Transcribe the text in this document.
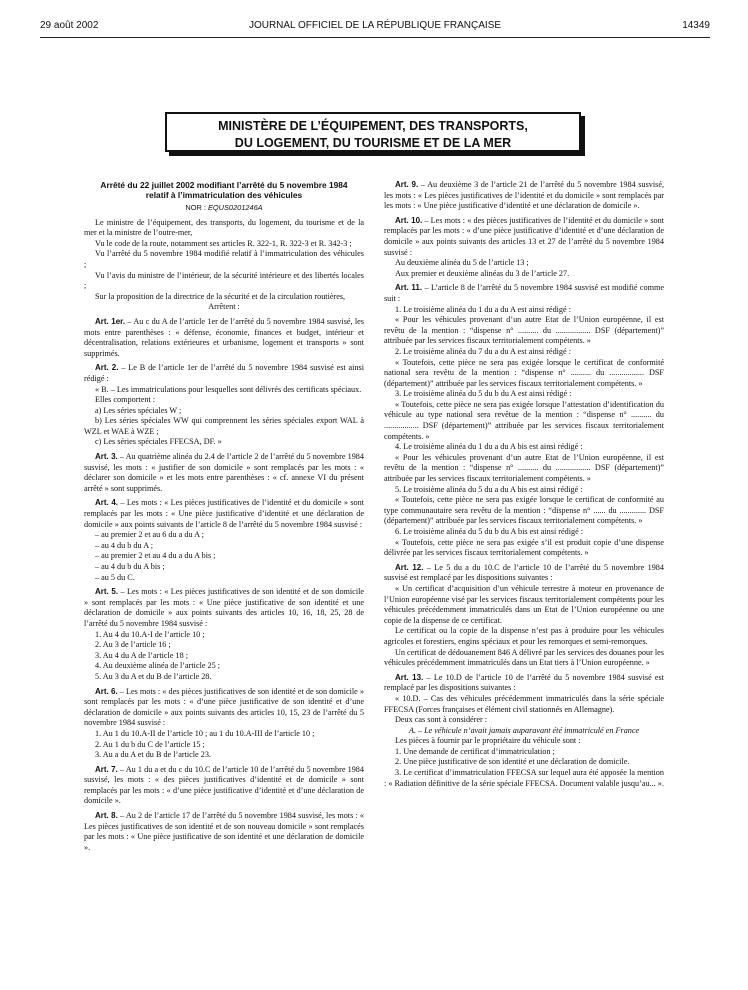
29 août 2002	JOURNAL OFFICIEL DE LA RÉPUBLIQUE FRANÇAISE	14349
MINISTÈRE DE L’ÉQUIPEMENT, DES TRANSPORTS,
DU LOGEMENT, DU TOURISME ET DE LA MER
Arrêté du 22 juillet 2002 modifiant l’arrêté du 5 novembre 1984 relatif à l’immatriculation des véhicules
NOR : EQUS0201246A

Le ministre de l’équipement, des transports, du logement, du tourisme et de la mer et la ministre de l’outre-mer,

Vu le code de la route, notamment ses articles R. 322-1, R. 322-3 et R. 342-3 ;

Vu l’arrêté du 5 novembre 1984 modifié relatif à l’immatriculation des véhicules ;

Vu l’avis du ministre de l’intérieur, de la sécurité intérieure et des libertés locales ;

Sur la proposition de la directrice de la sécurité et de la circulation routières,

Arrêtent :

Art. 1er. – Au c du A de l’article 1er de l’arrêté du 5 novembre 1984 susvisé, les mots entre parenthèses : « défense, économie, finances et budget, intérieur et décentralisation, relations extérieures et urbanisme, logement et transports » sont supprimés.

Art. 2. – Le B de l’article 1er de l’arrêté du 5 novembre 1984 susvisé est ainsi rédigé :

« B. – Les immatriculations pour lesquelles sont délivrés des certificats spéciaux.

Elles comportent :

a) Les séries spéciales W ;

b) Les séries spéciales WW qui comprennent les séries spéciales export WAL à WZL et WAE à WZE ;

c) Les séries spéciales FFECSA, DF. »

Art. 3. – Au quatrième alinéa du 2.4 de l’article 2 de l’arrêté du 5 novembre 1984 susvisé, les mots : « justifier de son domicile » sont remplacés par les mots : « déclarer son domicile » et les mots entre parenthèses : « cf. annexe VI du présent arrêté » sont supprimés.

Art. 4. – Les mots : « Les pièces justificatives de l’identité et du domicile » sont remplacés par les mots : « Une pièce justificative d’identité et une déclaration de domicile » aux points suivants de l’article 8 de l’arrêté du 5 novembre 1984 susvisé :

– au premier 2 et au 6 du a du A ;

– au 4 du b du A ;

– au premier 2 et au 4 du a du A bis ;

– au 4 du b du A bis ;

– au 5 du C.

Art. 5. – Les mots : « Les pièces justificatives de son identité et de son domicile » sont remplacés par les mots : « Une pièce justificative de son identité et une déclaration de domicile » aux points suivants des articles 10, 16, 18, 25, 28 de l’arrêté du 5 novembre 1984 susvisé :

1. Au 4 du 10.A-I de l’article 10 ;

2. Au 3 de l’article 16 ;

3. Au 4 du A de l’article 18 ;

4. Au deuxième alinéa de l’article 25 ;

5. Au 3 du A et du B de l’article 28.

Art. 6. – Les mots : « des pièces justificatives de son identité et de son domicile » sont remplacés par les mots : « d’une pièce justificative de son identité et d’une déclaration de domicile » aux points suivants des articles 10, 15, 23 de l’arrêté du 5 novembre 1984 susvisé :

1. Au 1 du 10.A-II de l’article 10 ; au 1 du 10.A-III de l’article 10 ;

2. Au 1 du b du C de l’article 15 ;

3. Au a du A et du B de l’article 23.

Art. 7. – Au 1 du a et du c du 10.C de l’article 10 de l’arrêté du 5 novembre 1984 susvisé, les mots : « des pièces justificatives d’identité et de domicile » sont remplacés par les mots : « d’une pièce justificative d’identité et d’une déclaration de domicile ».

Art. 8. – Au 2 de l’article 17 de l’arrêté du 5 novembre 1984 susvisé, les mots : « Les pièces justificatives de son identité et de son nouveau domicile » sont remplacés par les mots : « Une pièce justificative de son identité et une déclaration de domicile ».

Art. 9. – Au deuxième 3 de l’article 21 de l’arrêté du 5 novembre 1984 susvisé, les mots : « Les pièces justificatives de l’identité et du domicile » sont remplacés par les mots : « Une pièce justificative d’identité et une déclaration de domicile ».

Art. 10. – Les mots : « des pièces justificatives de l’identité et du domicile » sont remplacés par les mots : « d’une pièce justificative d’identité et d’une déclaration de domicile » aux points suivants des articles 13 et 27 de l’arrêté du 5 novembre 1984 susvisé :

Au deuxième alinéa du 5 de l’article 13 ;

Aux premier et deuxième alinéas du 3 de l’article 27.

Art. 11. – L’article 8 de l’arrêté du 5 novembre 1984 susvisé est modifié comme suit :

1. Le troisième alinéa du 1 du a du A est ainsi rédigé :

« Pour les véhicules provenant d’un autre Etat de l’Union européenne, il est revêtu de la mention : “dispense n° .......... du ................. DSF (département)” attribuée par les services fiscaux territorialement compétents. »

2. Le troisième alinéa du 7 du a du A est ainsi rédigé :

« Toutefois, cette pièce ne sera pas exigée lorsque le certificat de conformité national sera revêtu de la mention : “dispense n° .......... du ................. DSF (département)” attribuée par les services fiscaux territorialement compétents. »

3. Le troisième alinéa du 5 du b du A est ainsi rédigé :

« Toutefois, cette pièce ne sera pas exigée lorsque l’attestation d’identification du véhicule au type national sera revêtue de la mention : “dispense n° .......... du ................. DSF (département)” attribuée par les services fiscaux territorialement compétents. »

4. Le troisième alinéa du 1 du a du A bis est ainsi rédigé :

« Pour les véhicules provenant d’un autre Etat de l’Union européenne, il est revêtu de la mention : “dispense n° .......... du ................. DSF (département)” attribuée par les services fiscaux territorialement compétents. »

5. Le troisième alinéa du 5 du a du A bis est ainsi rédigé :

« Toutefois, cette pièce ne sera pas exigée lorsque le certificat de conformité au type communautaire sera revêtu de la mention : “dispense n° ...... du ............. DSF (département)” attribuée par les services fiscaux territorialement compétents. »

6. Le troisième alinéa du 5 du b du A bis est ainsi rédigé :

« Toutefois, cette pièce ne sera pas exigée s’il est produit copie d’une dispense délivrée par les services fiscaux territorialement compétents. »

Art. 12. – Le 5 du a du 10.C de l’article 10 de l’arrêté du 5 novembre 1984 susvisé est remplacé par les dispositions suivantes :

« Un certificat d’acquisition d’un véhicule terrestre à moteur en provenance de l’Union européenne visé par les services fiscaux territorialement compétents pour les véhicules précédemment immatriculés dans un Etat de l’Union européenne ou une copie de la dispense de ce certificat.

Le certificat ou la copie de la dispense n’est pas à produire pour les véhicules agricoles et forestiers, engins spéciaux et pour les remorques et semi-remorques.

Un certificat de dédouanement 846 A délivré par les services des douanes pour les véhicules précédemment immatriculés dans un Etat tiers à l’Union européenne. »

Art. 13. – Le 10.D de l’article 10 de l’arrêté du 5 novembre 1984 susvisé est remplacé par les dispositions suivantes :

« 10.D. – Cas des véhicules précédemment immatriculés dans la série spéciale FFECSA (Forces françaises et élément civil stationnés en Allemagne).

Deux cas sont à considérer :

A. – Le véhicule n’avait jamais auparavant été immatriculé en France

Les pièces à fournir par le propriétaire du véhicule sont :

1. Une demande de certificat d’immatriculation ;

2. Une pièce justificative de son identité et une déclaration de domicile.

3. Le certificat d’immatriculation FFECSA sur lequel aura été apposée la mention : « Radiation définitive de la série spéciale FFECSA. Document valable jusqu’au... ».
